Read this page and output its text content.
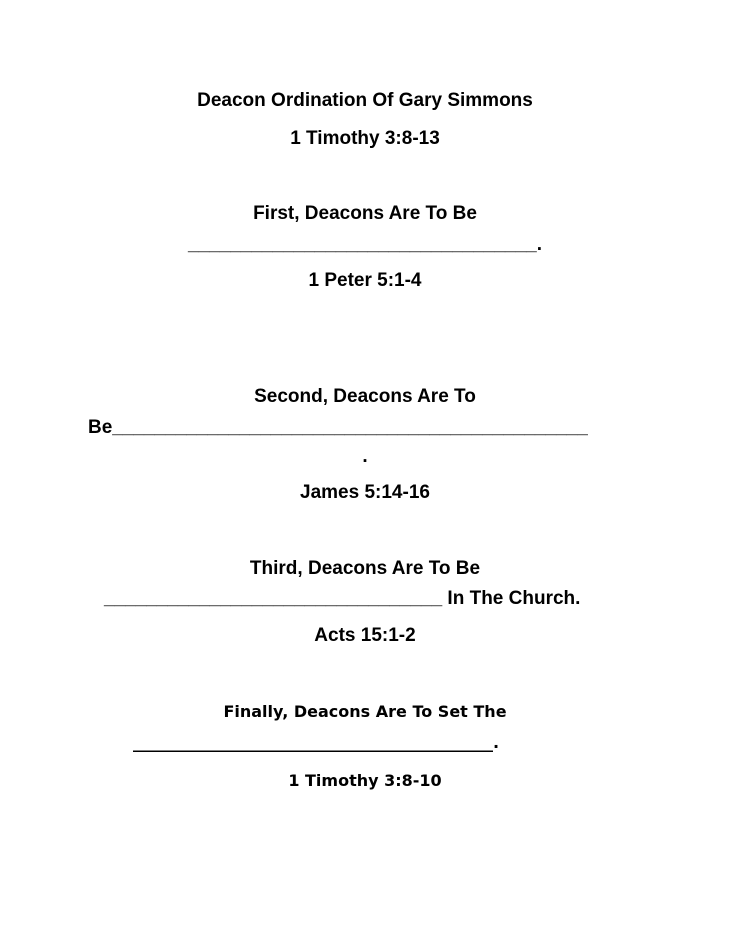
Deacon Ordination Of Gary Simmons
1 Timothy 3:8-13
First, Deacons Are To Be
_________________________________.
1 Peter 5:1-4
Second, Deacons Are To
Be_____________________________________________
.
James 5:14-16
Third, Deacons Are To Be
________________________________ In The Church.
Acts 15:1-2
Finally, Deacons Are To Set The
_____________________________________________.
1 Timothy 3:8-10
